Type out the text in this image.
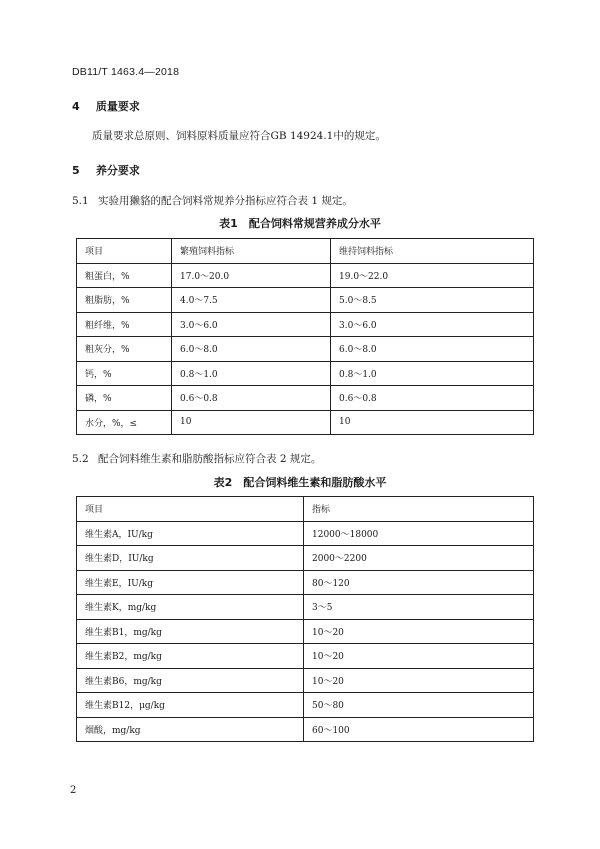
DB11/T 1463.4—2018
4 质量要求
质量要求总原则、饲料原料质量应符合GB 14924.1中的规定。
5 养分要求
5.1 实验用獭貉的配合饲料常规养分指标应符合表 1 规定。
表1　配合饲料常规营养成分水平
项目	繁殖饲料指标	维持饲料指标
粗蛋白，%	17.0～20.0	19.0～22.0
粗脂肪，%	4.0～7.5	5.0～8.5
粗纤维，%	3.0～6.0	3.0～6.0
粗灰分，%	6.0～8.0	6.0～8.0
钙，%	0.8～1.0	0.8～1.0
磷，%	0.6～0.8	0.6～0.8
水分，%，≤	10	10
5.2 配合饲料维生素和脂肪酸指标应符合表 2 规定。
表2　配合饲料维生素和脂肪酸水平
项目	指标
维生素A，IU/kg	12000～18000
维生素D，IU/kg	2000～2200
维生素E，IU/kg	80～120
维生素K，mg/kg	3～5
维生素B1，mg/kg	10～20
维生素B2，mg/kg	10～20
维生素B6，mg/kg	10～20
维生素B12，μg/kg	50～80
烟酸，mg/kg	60～100
2
